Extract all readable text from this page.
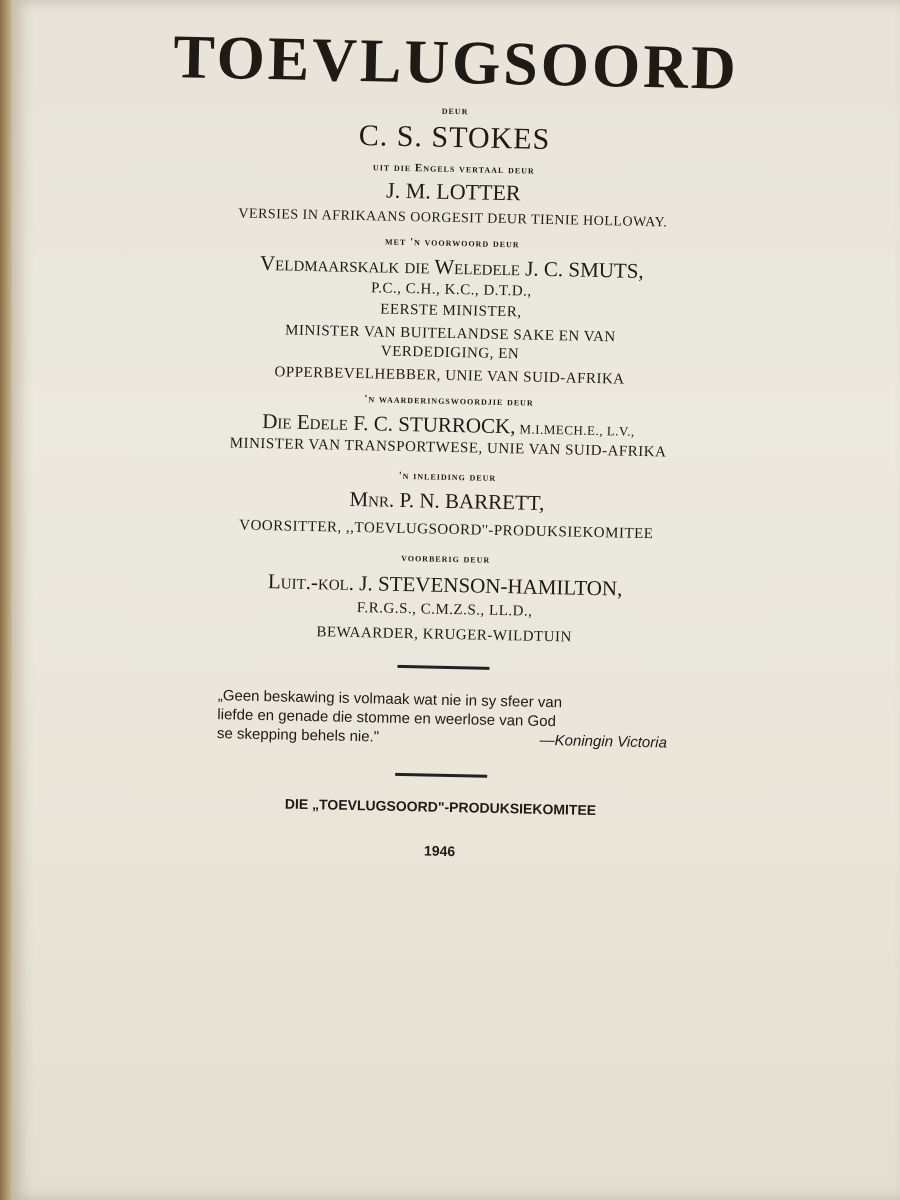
TOEVLUGSOORD
deur
C. S. STOKES
uit die Engels vertaal deur
J. M. LOTTER
VERSIES IN AFRIKAANS OORGESIT DEUR TIENIE HOLLOWAY.
met 'n voorwoord deur
Veldmaarskalk die Weledele J. C. SMUTS,
P.C., C.H., K.C., D.T.D.,
EERSTE MINISTER,
MINISTER VAN BUITELANDSE SAKE EN VAN
VERDEDIGING, EN
OPPERBEVELHEBBER, UNIE VAN SUID-AFRIKA
'n waarderingswoordjie deur
Die Edele F. C. STURROCK, M.I.MECH.E., L.V.,
MINISTER VAN TRANSPORTWESE, UNIE VAN SUID-AFRIKA
'n inleiding deur
Mnr. P. N. BARRETT,
VOORSITTER, ,,TOEVLUGSOORD''-PRODUKSIEKOMITEE
voorberig deur
Luit.-kol. J. STEVENSON-HAMILTON,
F.R.G.S., C.M.Z.S., LL.D.,
BEWAARDER, KRUGER-WILDTUIN
„Geen beskawing is volmaak wat nie in sy sfeer van
liefde en genade die stomme en weerlose van God
se skepping behels nie."	—Koningin Victoria
DIE „TOEVLUGSOORD"-PRODUKSIEKOMITEE
1946
